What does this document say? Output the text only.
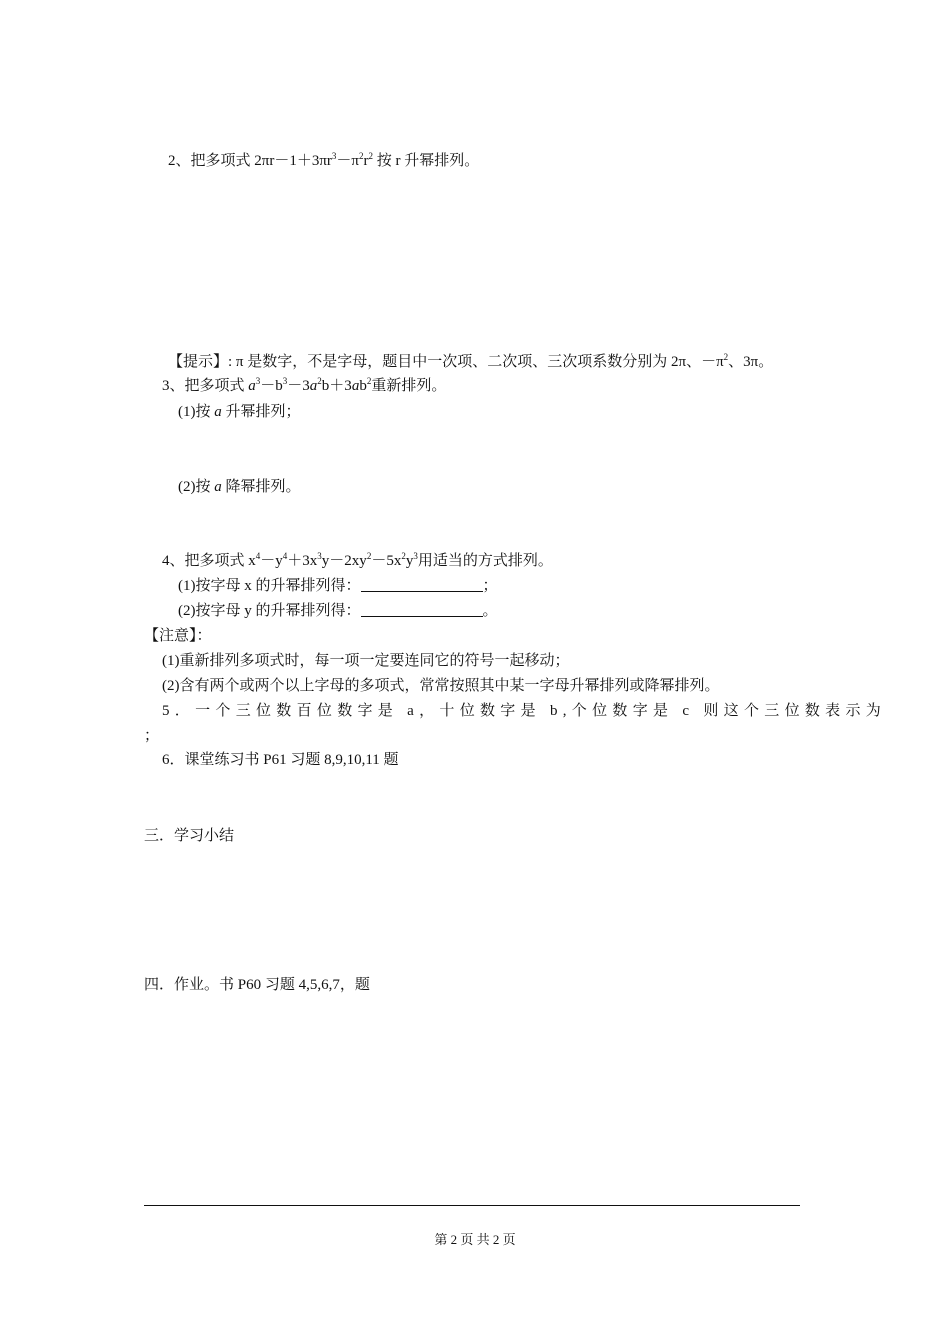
2、把多项式 $2\pi r-1+3\pi r^3-\pi^2r^2$ 按 r 升幂排列。
【提示】: π 是数字，不是字母，题目中一次项、二次项、三次项系数分别为 2π、$-\pi^2$、3π。
3、把多项式 $a^3-b^3-3a^2b+3ab^2$重新排列。
(1)按 a 升幂排列；
(2)按 a 降幂排列。
4、把多项式 $x^4-y^4+3x^3y-2xy^2-5x^2y^3$用适当的方式排列。
(1)按字母 x 的升幂排列得：	；
(2)按字母 y 的升幂排列得：	。
【注意】：
(1)重新排列多项式时，每一项一定要连同它的符号一起移动；
(2)含有两个或两个以上字母的多项式，常常按照其中某一字母升幂排列或降幂排列。
5．一个三位数百位数字是 a，十位数字是 b,个位数字是 c 则这个三位数表示为
；
6．课堂练习书 P61 习题 8,9,10,11 题
三．学习小结
四．作业。书 P60 习题 4,5,6,7，题
第 2 页 共 2 页
